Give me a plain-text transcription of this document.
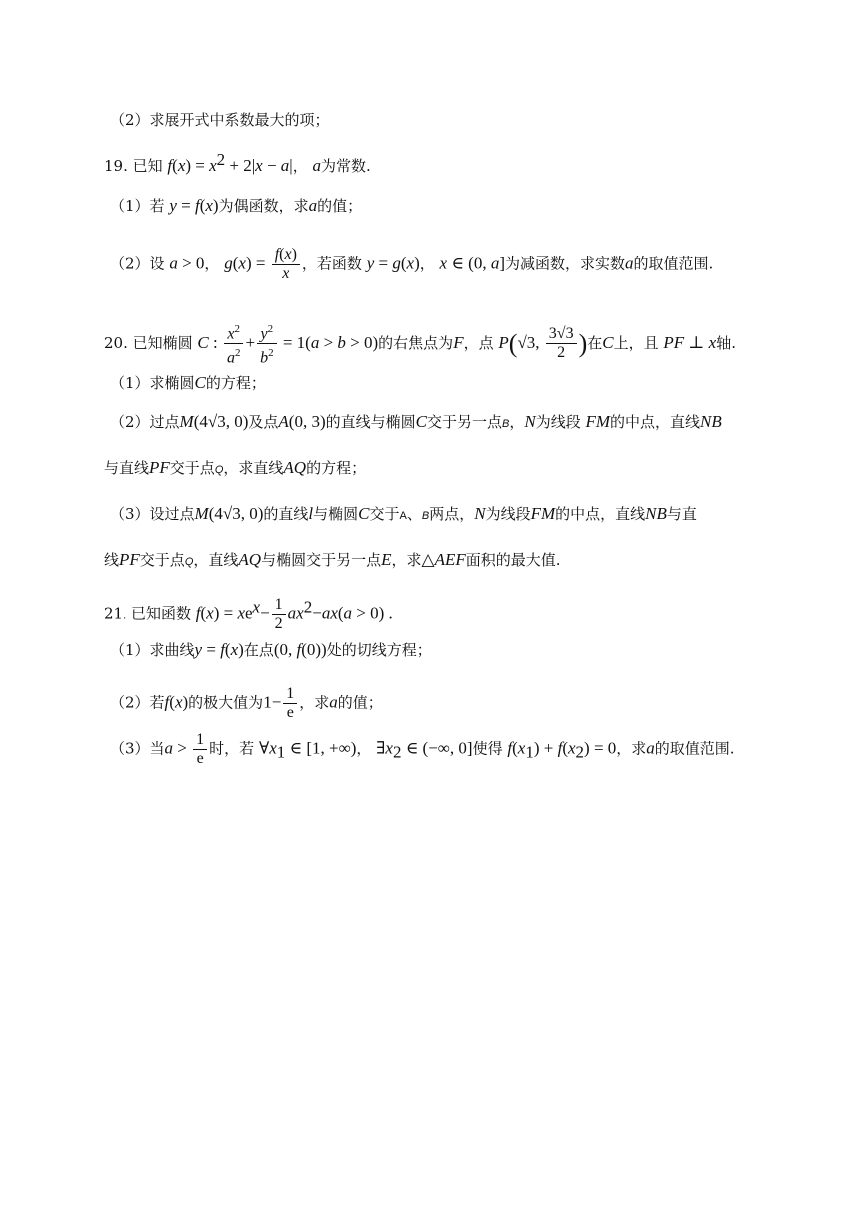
（2）求展开式中系数最大的项；
19. 已知 $f(x) = x^2 + 2|x - a|$， a为常数.
（1）若 y = f(x)为偶函数，求a的值；
（2）设 a > 0， $g(x) = \frac{f(x)}{x}$ ，若函数 y = g(x)， x ∈ (0, a]为减函数，求实数a的取值范围.
20. 已知椭圆 C : $\frac{x^2}{a^2} + \frac{y^2}{b^2} = 1(a > b > 0)$的右焦点为F，点 P(√3, $\frac{3√3}{2}$ )在C上，且 PF ⊥ x轴.
（1）求椭圆C的方程；
（2）过点M(4√3, 0)及点A(0, 3)的直线与椭圆C交于另一点B，N为线段 FM的中点，直线NB
与直线PF交于点Q，求直线AQ的方程；
（3）设过点M(4√3, 0)的直线l与椭圆C交于A、B两点，N为线段FM的中点，直线NB与直
线PF交于点Q，直线AQ与椭圆交于另一点E，求△AEF面积的最大值.
21. 已知函数 $f(x) = xe^x- \frac{1}{2} ax^2-ax(a > 0)$ .
（1）求曲线y = f(x)在点(0, f(0))处的切线方程；
（2）若f(x)的极大值为$1- \frac{1}{e}$ ，求a的值；
（3）当$a > \frac{1}{e}$ 时，若 $\forall x_1$ ∈ [1, +∞)， $\exists x_2$ ∈ (−∞, 0]使得 $f(x_1) + f(x_2) = 0$，求a的取值范围.
